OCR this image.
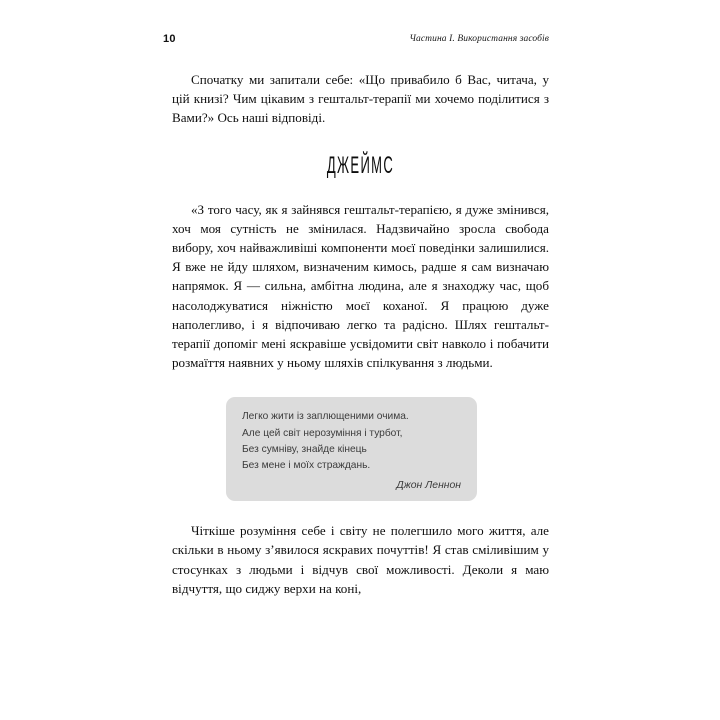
10	Частина I. Використання засобів

Спочатку ми запитали себе: «Що привабило б Вас, читача, у цій книзі? Чим цікавим з гештальт-терапії ми хочемо поділитися з Вами?» Ось наші відповіді.

ДЖЕЙМС

«З того часу, як я зайнявся гештальт-терапією, я дуже змінився, хоч моя сутність не змінилася. Надзвичайно зросла свобода вибору, хоч найважливіші компоненти моєї поведінки залишилися. Я вже не йду шляхом, визначеним кимось, радше я сам визначаю напрямок. Я — сильна, амбітна людина, але я знаходжу час, щоб насолоджуватися ніжністю моєї коханої. Я працюю дуже наполегливо, і я відпочиваю легко та радісно. Шлях гештальт-терапії допоміг мені яскравіше усвідомити світ навколо і побачити розмаїття наявних у ньому шляхів спілкування з людьми.

Легко жити із заплющеними очима.
Але цей світ нерозуміння і турбот,
Без сумніву, знайде кінець
Без мене і моїх страждань.
Джон Леннон

Чіткіше розуміння себе і світу не полегшило мого життя, але скільки в ньому з’явилося яскравих почуттів! Я став сміливішим у стосунках з людьми і відчув свої можливості. Деколи я маю відчуття, що сиджу верхи на коні,
